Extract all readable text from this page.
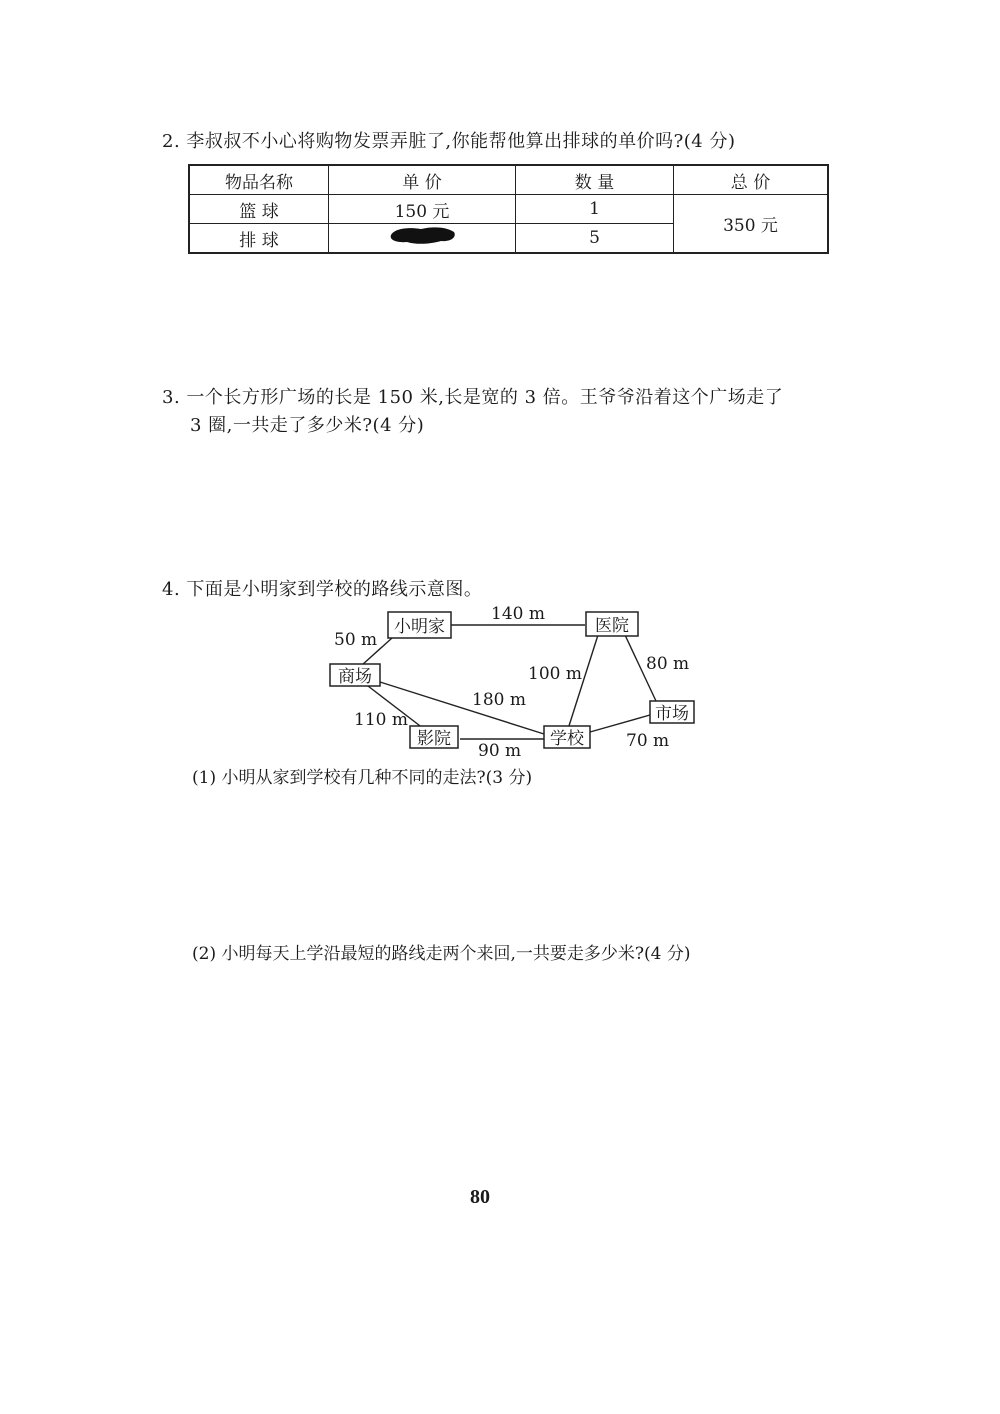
2. 李叔叔不小心将购物发票弄脏了,你能帮他算出排球的单价吗?(4 分)
物品名称	单 价	数 量	总 价
篮 球	150 元	1	350 元
排 球		5	
3. 一个长方形广场的长是 150 米,长是宽的 3 倍。王爷爷沿着这个广场走了
3 圈,一共走了多少米?(4 分)
4. 下面是小明家到学校的路线示意图。
小明家	医院
商场
市场
影院	学校
140 m
50 m
100 m	80 m
180 m
110 m
90 m	70 m
(1) 小明从家到学校有几种不同的走法?(3 分)
(2) 小明每天上学沿最短的路线走两个来回,一共要走多少米?(4 分)
80
